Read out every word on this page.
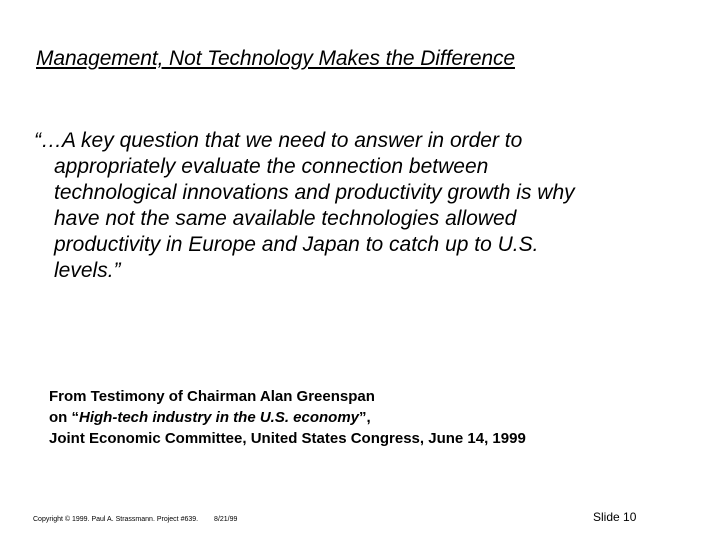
Management, Not Technology Makes the Difference
“…A key question that we need to answer in order to
appropriately evaluate the connection between
technological innovations and productivity growth is why
have not the same available technologies allowed
productivity in Europe and Japan to catch up to U.S.
levels.”
From Testimony of Chairman Alan Greenspan
on “High-tech industry in the U.S. economy”,
Joint Economic Committee, United States Congress, June 14, 1999
Copyright © 1999. Paul A. Strassmann. Project #639. 8/21/99	Slide 10
